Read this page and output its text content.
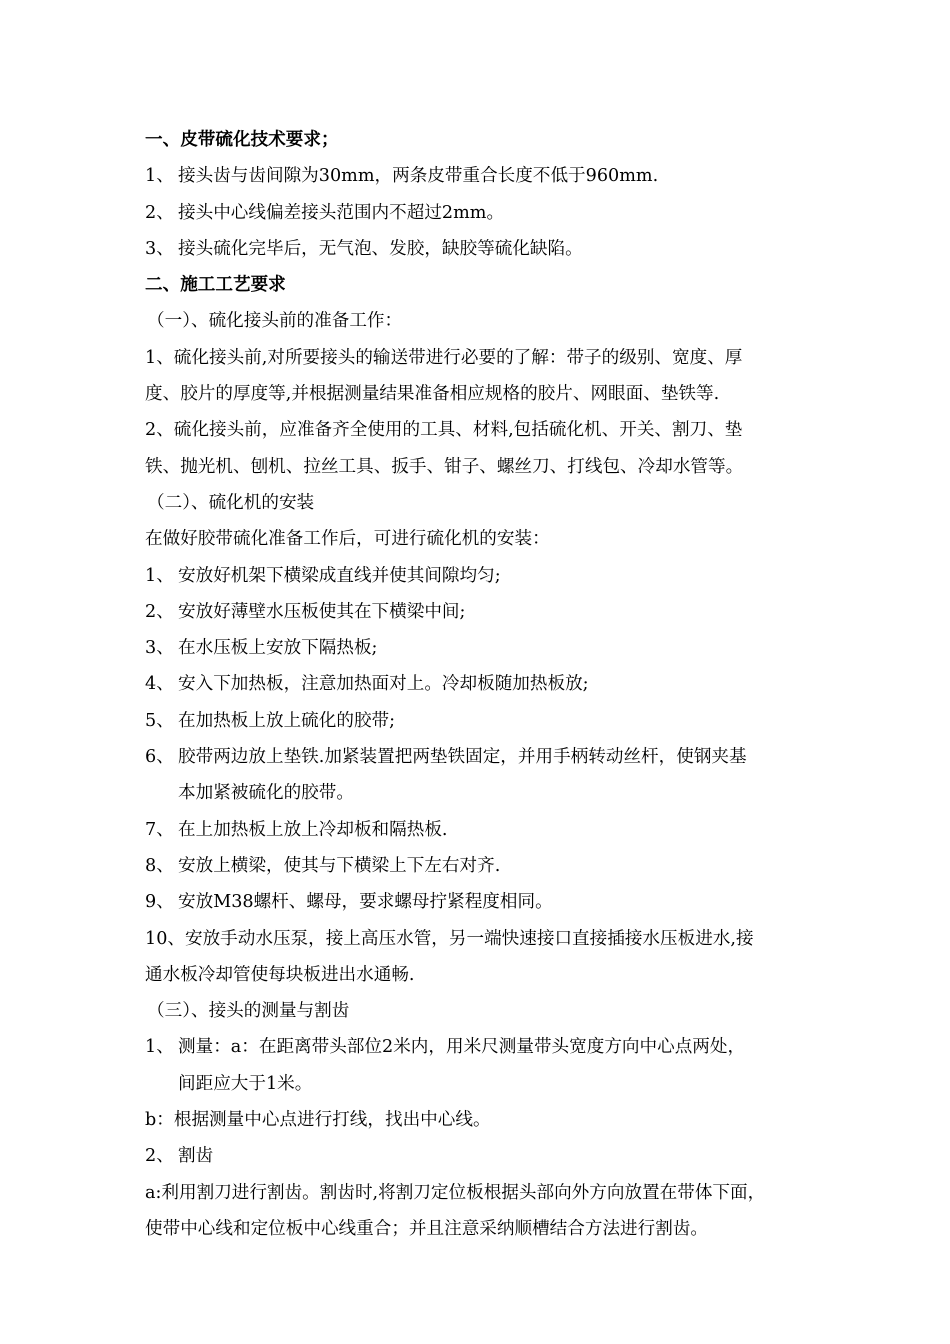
一、皮带硫化技术要求；
1、 接头齿与齿间隙为30mm，两条皮带重合长度不低于960mm.
2、 接头中心线偏差接头范围内不超过2mm。
3、 接头硫化完毕后，无气泡、发胶，缺胶等硫化缺陷。
二、施工工艺要求
（一）、硫化接头前的准备工作：
1、硫化接头前,对所要接头的输送带进行必要的了解：带子的级别、宽度、厚
度、胶片的厚度等,并根据测量结果准备相应规格的胶片、网眼面、垫铁等.
2、硫化接头前，应准备齐全使用的工具、材料,包括硫化机、开关、割刀、垫
铁、抛光机、刨机、拉丝工具、扳手、钳子、螺丝刀、打线包、冷却水管等。
（二）、硫化机的安装
在做好胶带硫化准备工作后，可进行硫化机的安装：
1、 安放好机架下横梁成直线并使其间隙均匀;
2、 安放好薄壁水压板使其在下横梁中间;
3、 在水压板上安放下隔热板;
4、 安入下加热板，注意加热面对上。冷却板随加热板放;
5、 在加热板上放上硫化的胶带;
6、 胶带两边放上垫铁.加紧装置把两垫铁固定，并用手柄转动丝杆，使钢夹基
本加紧被硫化的胶带。
7、 在上加热板上放上冷却板和隔热板.
8、 安放上横梁，使其与下横梁上下左右对齐.
9、 安放M38螺杆、螺母，要求螺母拧紧程度相同。
10、安放手动水压泵，接上高压水管，另一端快速接口直接插接水压板进水,接
通水板冷却管使每块板进出水通畅.
（三）、接头的测量与割齿
1、 测量：a：在距离带头部位2米内，用米尺测量带头宽度方向中心点两处，
间距应大于1米。
b：根据测量中心点进行打线，找出中心线。
2、 割齿
a:利用割刀进行割齿。割齿时,将割刀定位板根据头部向外方向放置在带体下面，
使带中心线和定位板中心线重合；并且注意采纳顺槽结合方法进行割齿。
